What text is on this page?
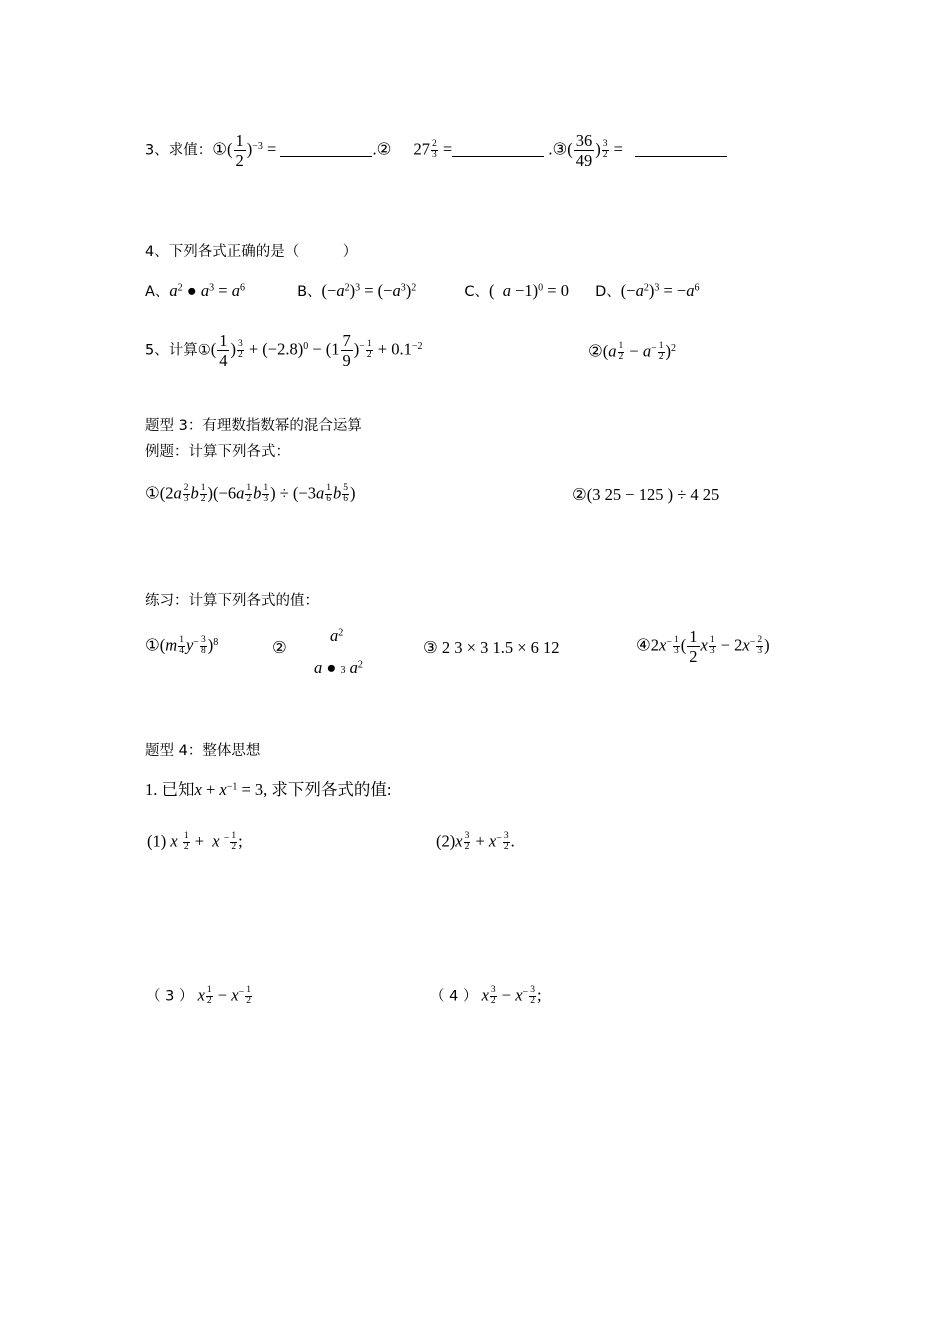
3、求值：①( $\frac{1}{2} )^{-3}$ =	.② $27 \frac{2}{3}$ =	.③( $\frac{36}{49}$ ) $\frac{3}{2}$ =
4、下列各式正确的是（　　　）
A、$a^2$ ● $a^3 = a^6$	B、$(-a^2)^3 = (-a^3)^2$	C、(  a −1)$^0$ = 0 D、$(-a^2)^3 = -a^6$
5、计算①( $\frac{1}{4}$ ) $\frac{3}{2} + (-2.8)^0 - (1 \frac{7}{9} )^- \frac{1}{2} + 0.1^{-2}$	②(a $\frac{1}{2} - a^- \frac{1}{2} )^2$
题型 3：有理数指数幂的混合运算
例题：计算下列各式：
①(2a $\frac{2}{3}$ b $\frac{1}{2} )(-6a \frac{1}{2}$ b $\frac{1}{3}$ ) ÷ ($-3a \frac{1}{6}$ b $\frac{5}{6}$ )	②(3 25 − 125 ) ÷ 4 25
练习：计算下列各式的值：
①(m $\frac{1}{4} y^- \frac{3}{8} )^8$	②
$a^2$
a ● 3 $a^2$
③ 2 3 × 3 1.5 × 6 12	④2x− $\frac{1}{3}$ ( $\frac{1}{2}$ x $\frac{1}{3} - 2x^- \frac{2}{3}$ )
题型 4：整体思想
1. 已知$x + x^{-1} = 3$, 求下列各式的值:
(1) x $\frac{1}{2} + x$ $^- \frac{1}{2}$ ;	$(2)x \frac{3}{2} + x^- \frac{3}{2}$ .
（ 3 ） x $\frac{1}{2} - x^- \frac{1}{2}$	（ 4 ） x $\frac{3}{2} - x^- \frac{3}{2}$ ;
